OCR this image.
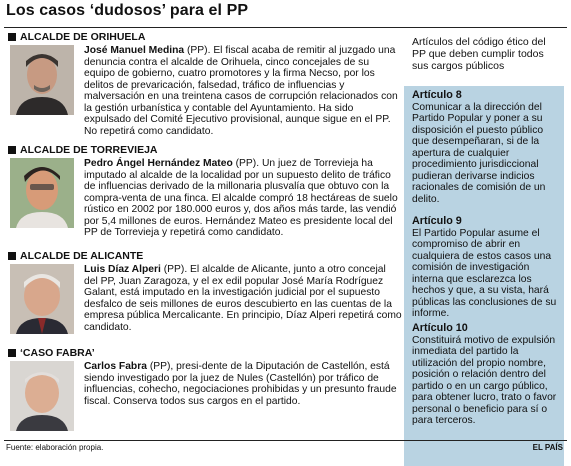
Los casos ‘dudosos’ para el PP
ALCALDE DE ORIHUELA
José Manuel Medina (PP). El fiscal acaba de remitir al juzgado una denuncia contra el alcalde de Orihuela, cinco concejales de su equipo de gobierno, cuatro promotores y la firma Necso, por los delitos de prevaricación, falsedad, tráfico de influencias y malversación en una treintena casos de corrupción relacionados con la gestión urbanística y contable del Ayuntamiento. Ha sido expulsado del Comité Ejecutivo provisional, aunque sigue en el PP. No repetirá como candidato.
ALCALDE DE TORREVIEJA
Pedro Ángel Hernández Mateo (PP). Un juez de Torrevieja ha imputado al alcalde de la localidad por un supuesto delito de tráfico de influencias derivado de la millonaria plusvalía que obtuvo con la compra-venta de una finca. El alcalde compró 18 hectáreas de suelo rústico en 2002 por 180.000 euros y, dos años más tarde, las vendió por 5,4 millones de euros. Hernández Mateo es presidente local del PP de Torrevieja y repetirá como candidato.
ALCALDE DE ALICANTE
Luis Díaz Alperi (PP). El alcalde de Alicante, junto a otro concejal del PP, Juan Zaragoza, y el ex edil popular José María Rodríguez Galant, está imputado en la investigación judicial por el supuesto desfalco de seis millones de euros descubierto en las cuentas de la empresa pública Mercalicante. En principio, Díaz Alperi repetirá como candidato.
‘CASO FABRA’
Carlos Fabra (PP), presi-dente de la Diputación de Castellón, está siendo investigado por la juez de Nules (Castellón) por tráfico de influencias, cohecho, negociaciones prohibidas y un presunto fraude fiscal. Conserva todos sus cargos en el partido.
Artículos del código ético del PP que deben cumplir todos sus cargos públicos
Artículo 8
Comunicar a la dirección del Partido Popular y poner a su disposición el puesto público que desempeñaran, si de la apertura de cualquier procedimiento jurisdiccional pudieran derivarse indicios racionales de comisión de un delito.
Artículo 9
El Partido Popular asume el compromiso de abrir en cualquiera de estos casos una comisión de investigación interna que esclarezca los hechos y que, a su vista, hará públicas las conclusiones de su informe.
Artículo 10
Constituirá motivo de expulsión inmediata del partido la utilización del propio nombre, posición o relación dentro del partido o en un cargo público, para obtener lucro, trato o favor personal o beneficio para sí o para terceros.
Fuente: elaboración propia.	EL PAÍS
